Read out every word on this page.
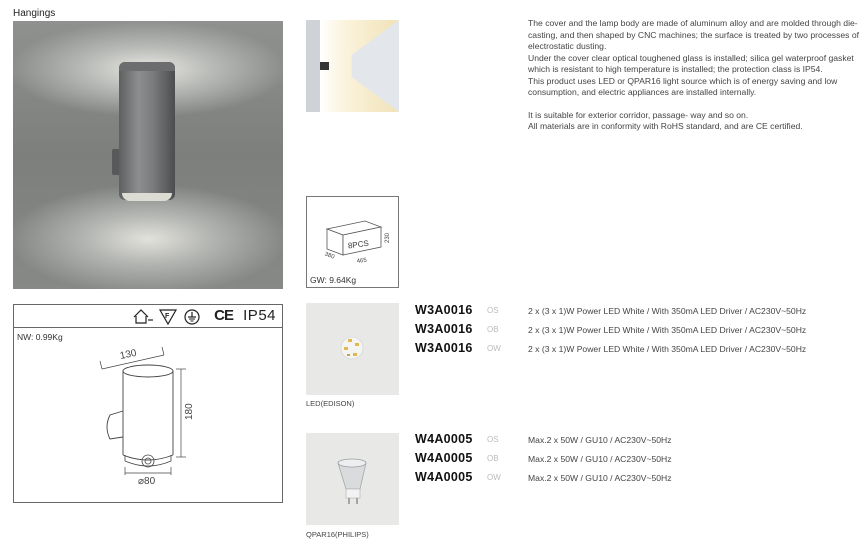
Hangings

The cover and the lamp body are made of aluminum alloy and are molded through die-casting, and then shaped by CNC machines; the surface is treated by two processes of electrostatic dusting.

Under the cover clear optical toughened glass is installed; silica gel waterproof gasket which is resistant to high temperature is installed; the protection class is IP54.

This product uses LED or QPAR16 light source which is of energy saving and low consumption, and electric appliances are installed internally.

It is suitable for exterior corridor, passage- way and so on.

All materials are in conformity with RoHS standard, and are CE certified.

8PCS
230
465
380
GW: 9.64Kg
F	CE IP54
NW: 0.99Kg
130
180
⌀80
LED(EDISON)
QPAR16(PHILIPS)
W3A0016 OS	2 x (3 x 1)W Power LED White / With 350mA LED Driver / AC230V~50Hz
W3A0016 OB	2 x (3 x 1)W Power LED White / With 350mA LED Driver / AC230V~50Hz
W3A0016 OW	2 x (3 x 1)W Power LED White / With 350mA LED Driver / AC230V~50Hz
W4A0005 OS	Max.2 x 50W / GU10 / AC230V~50Hz
W4A0005 OB	Max.2 x 50W / GU10 / AC230V~50Hz
W4A0005 OW	Max.2 x 50W / GU10 / AC230V~50Hz
